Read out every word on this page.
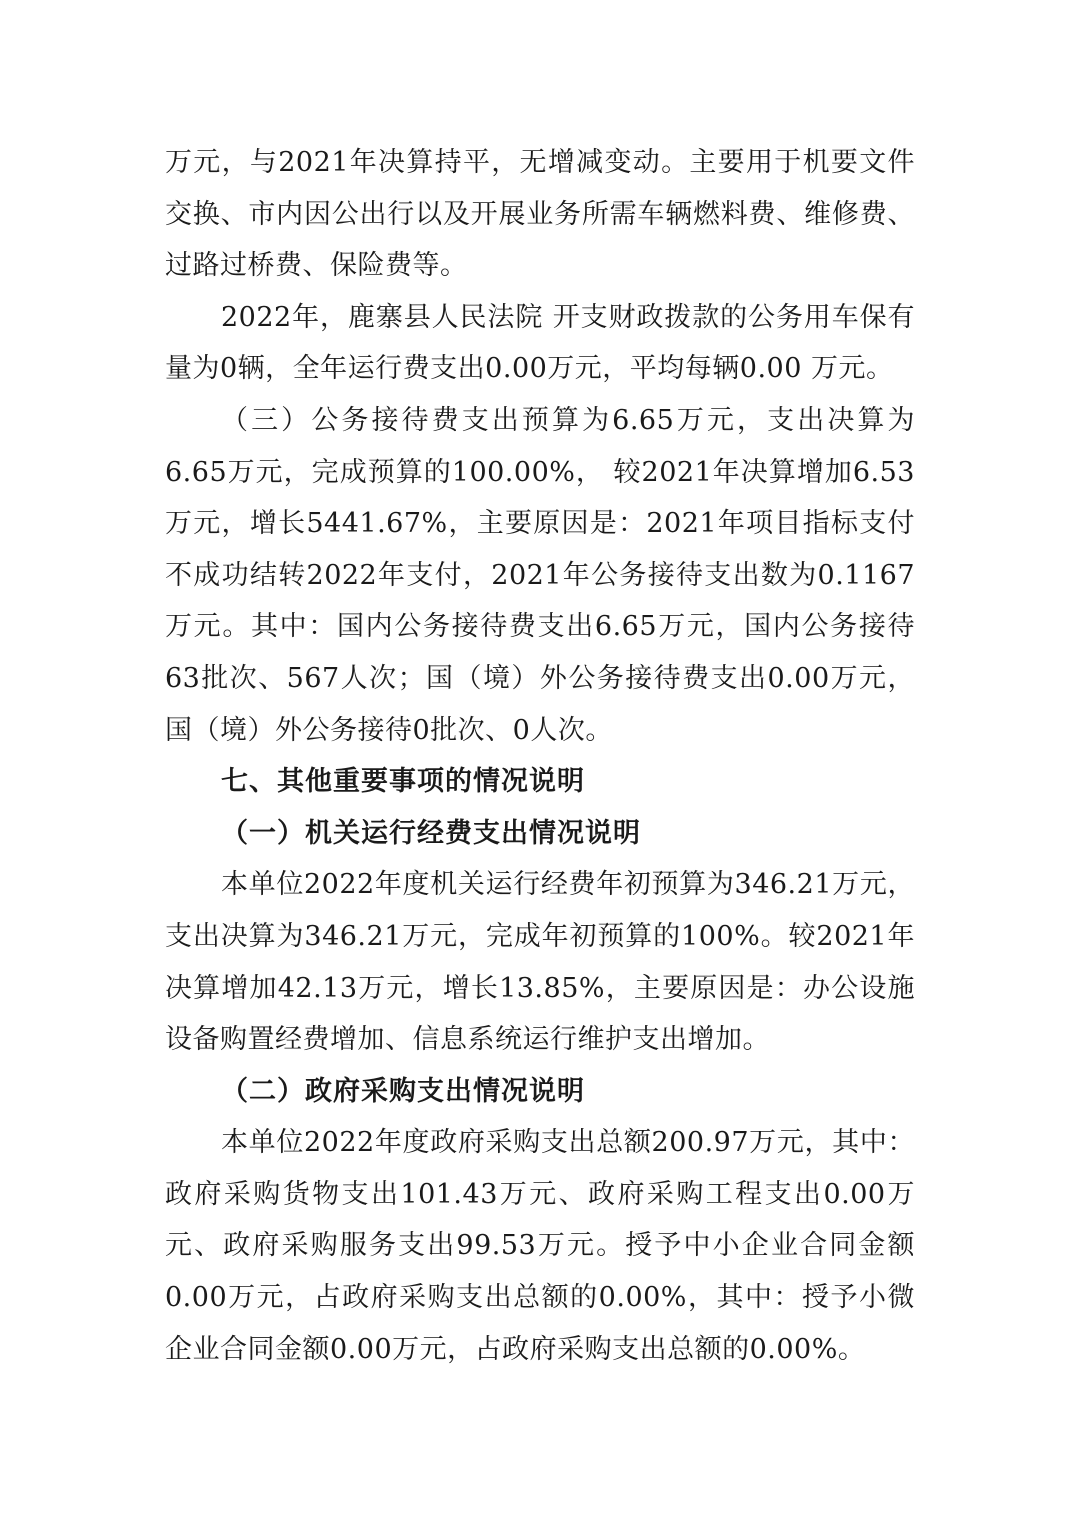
万元，与2021年决算持平，无增减变动。主要用于机要文件交换、市内因公出行以及开展业务所需车辆燃料费、维修费、过路过桥费、保险费等。

2022年，鹿寨县人民法院 开支财政拨款的公务用车保有量为0辆，全年运行费支出0.00万元，平均每辆0.00 万元。

（三）公务接待费支出预算为6.65万元，支出决算为6.65万元，完成预算的100.00%， 较2021年决算增加6.53万元，增长5441.67%，主要原因是：2021年项目指标支付不成功结转2022年支付，2021年公务接待支出数为0.1167万元。其中：国内公务接待费支出6.65万元，国内公务接待63批次、567人次；国（境）外公务接待费支出0.00万元，国（境）外公务接待0批次、0人次。

七、其他重要事项的情况说明

（一）机关运行经费支出情况说明

本单位2022年度机关运行经费年初预算为346.21万元，支出决算为346.21万元，完成年初预算的100%。较2021年决算增加42.13万元，增长13.85%，主要原因是：办公设施设备购置经费增加、信息系统运行维护支出增加。

（二）政府采购支出情况说明

本单位2022年度政府采购支出总额200.97万元，其中：政府采购货物支出101.43万元、政府采购工程支出0.00万元、政府采购服务支出99.53万元。授予中小企业合同金额0.00万元，占政府采购支出总额的0.00%，其中：授予小微企业合同金额0.00万元，占政府采购支出总额的0.00%。
